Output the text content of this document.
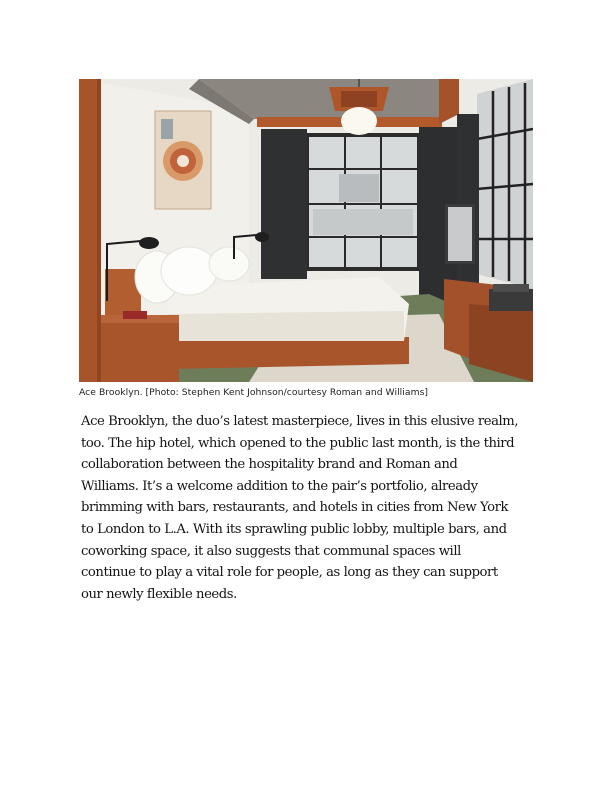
Ace Brooklyn. [Photo: Stephen Kent Johnson/courtesy Roman and Williams]

Ace Brooklyn, the duo’s latest masterpiece, lives in this elusive realm,
too. The hip hotel, which opened to the public last month, is the third
collaboration between the hospitality brand and Roman and
Williams. It’s a welcome addition to the pair’s portfolio, already
brimming with bars, restaurants, and hotels in cities from New York
to London to L.A. With its sprawling public lobby, multiple bars, and
coworking space, it also suggests that communal spaces will
continue to play a vital role for people, as long as they can support
our newly flexible needs.
